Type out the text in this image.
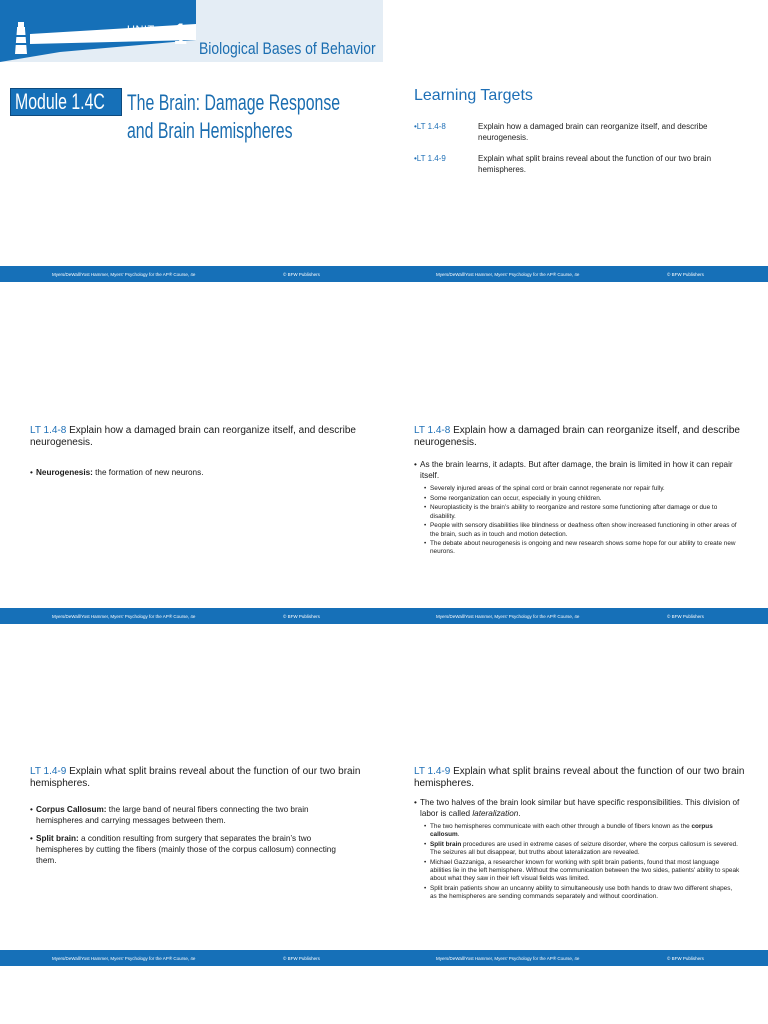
UNIT 1 Biological Bases of Behavior
Module 1.4C The Brain: Damage Response
and Brain Hemispheres
Myers/DeWall/Yost Hammer, Myers' Psychology for the AP® Course, 4e	© BFW Publishers
Learning Targets
•LT 1.4-8	Explain how a damaged brain can reorganize itself, and describe neurogenesis.
•LT 1.4-9	Explain what split brains reveal about the function of our two brain hemispheres.
Myers/DeWall/Yost Hammer, Myers' Psychology for the AP® Course, 4e	© BFW Publishers
LT 1.4-8 Explain how a damaged brain can reorganize itself, and describe neurogenesis.
• Neurogenesis: the formation of new neurons.
Myers/DeWall/Yost Hammer, Myers' Psychology for the AP® Course, 4e	© BFW Publishers
LT 1.4-8 Explain how a damaged brain can reorganize itself, and describe neurogenesis.
• As the brain learns, it adapts. But after damage, the brain is limited in how it can repair itself.
• Severely injured areas of the spinal cord or brain cannot regenerate nor repair fully.
• Some reorganization can occur, especially in young children.
• Neuroplasticity is the brain’s ability to reorganize and restore some functioning after damage or due to disability.
• People with sensory disabilities like blindness or deafness often show increased functioning in other areas of the brain, such as in touch and motion detection.
• The debate about neurogenesis is ongoing and new research shows some hope for our ability to create new neurons.
Myers/DeWall/Yost Hammer, Myers' Psychology for the AP® Course, 4e	© BFW Publishers
LT 1.4-9 Explain what split brains reveal about the function of our two brain hemispheres.
• Corpus Callosum: the large band of neural fibers connecting the two brain hemispheres and carrying messages between them.
• Split brain: a condition resulting from surgery that separates the brain’s two hemispheres by cutting the fibers (mainly those of the corpus callosum) connecting them.
Myers/DeWall/Yost Hammer, Myers' Psychology for the AP® Course, 4e	© BFW Publishers
LT 1.4-9 Explain what split brains reveal about the function of our two brain hemispheres.
• The two halves of the brain look similar but have specific responsibilities. This division of labor is called lateralization.
• The two hemispheres communicate with each other through a bundle of fibers known as the corpus callosum.
• Split brain procedures are used in extreme cases of seizure disorder, where the corpus callosum is severed. The seizures all but disappear, but truths about lateralization are revealed.
• Michael Gazzaniga, a researcher known for working with split brain patients, found that most language abilities lie in the left hemisphere. Without the communication between the two sides, patients' ability to speak about what they saw in their left visual fields was limited.
• Split brain patients show an uncanny ability to simultaneously use both hands to draw two different shapes, as the hemispheres are sending commands separately and without coordination.
Myers/DeWall/Yost Hammer, Myers' Psychology for the AP® Course, 4e	© BFW Publishers
